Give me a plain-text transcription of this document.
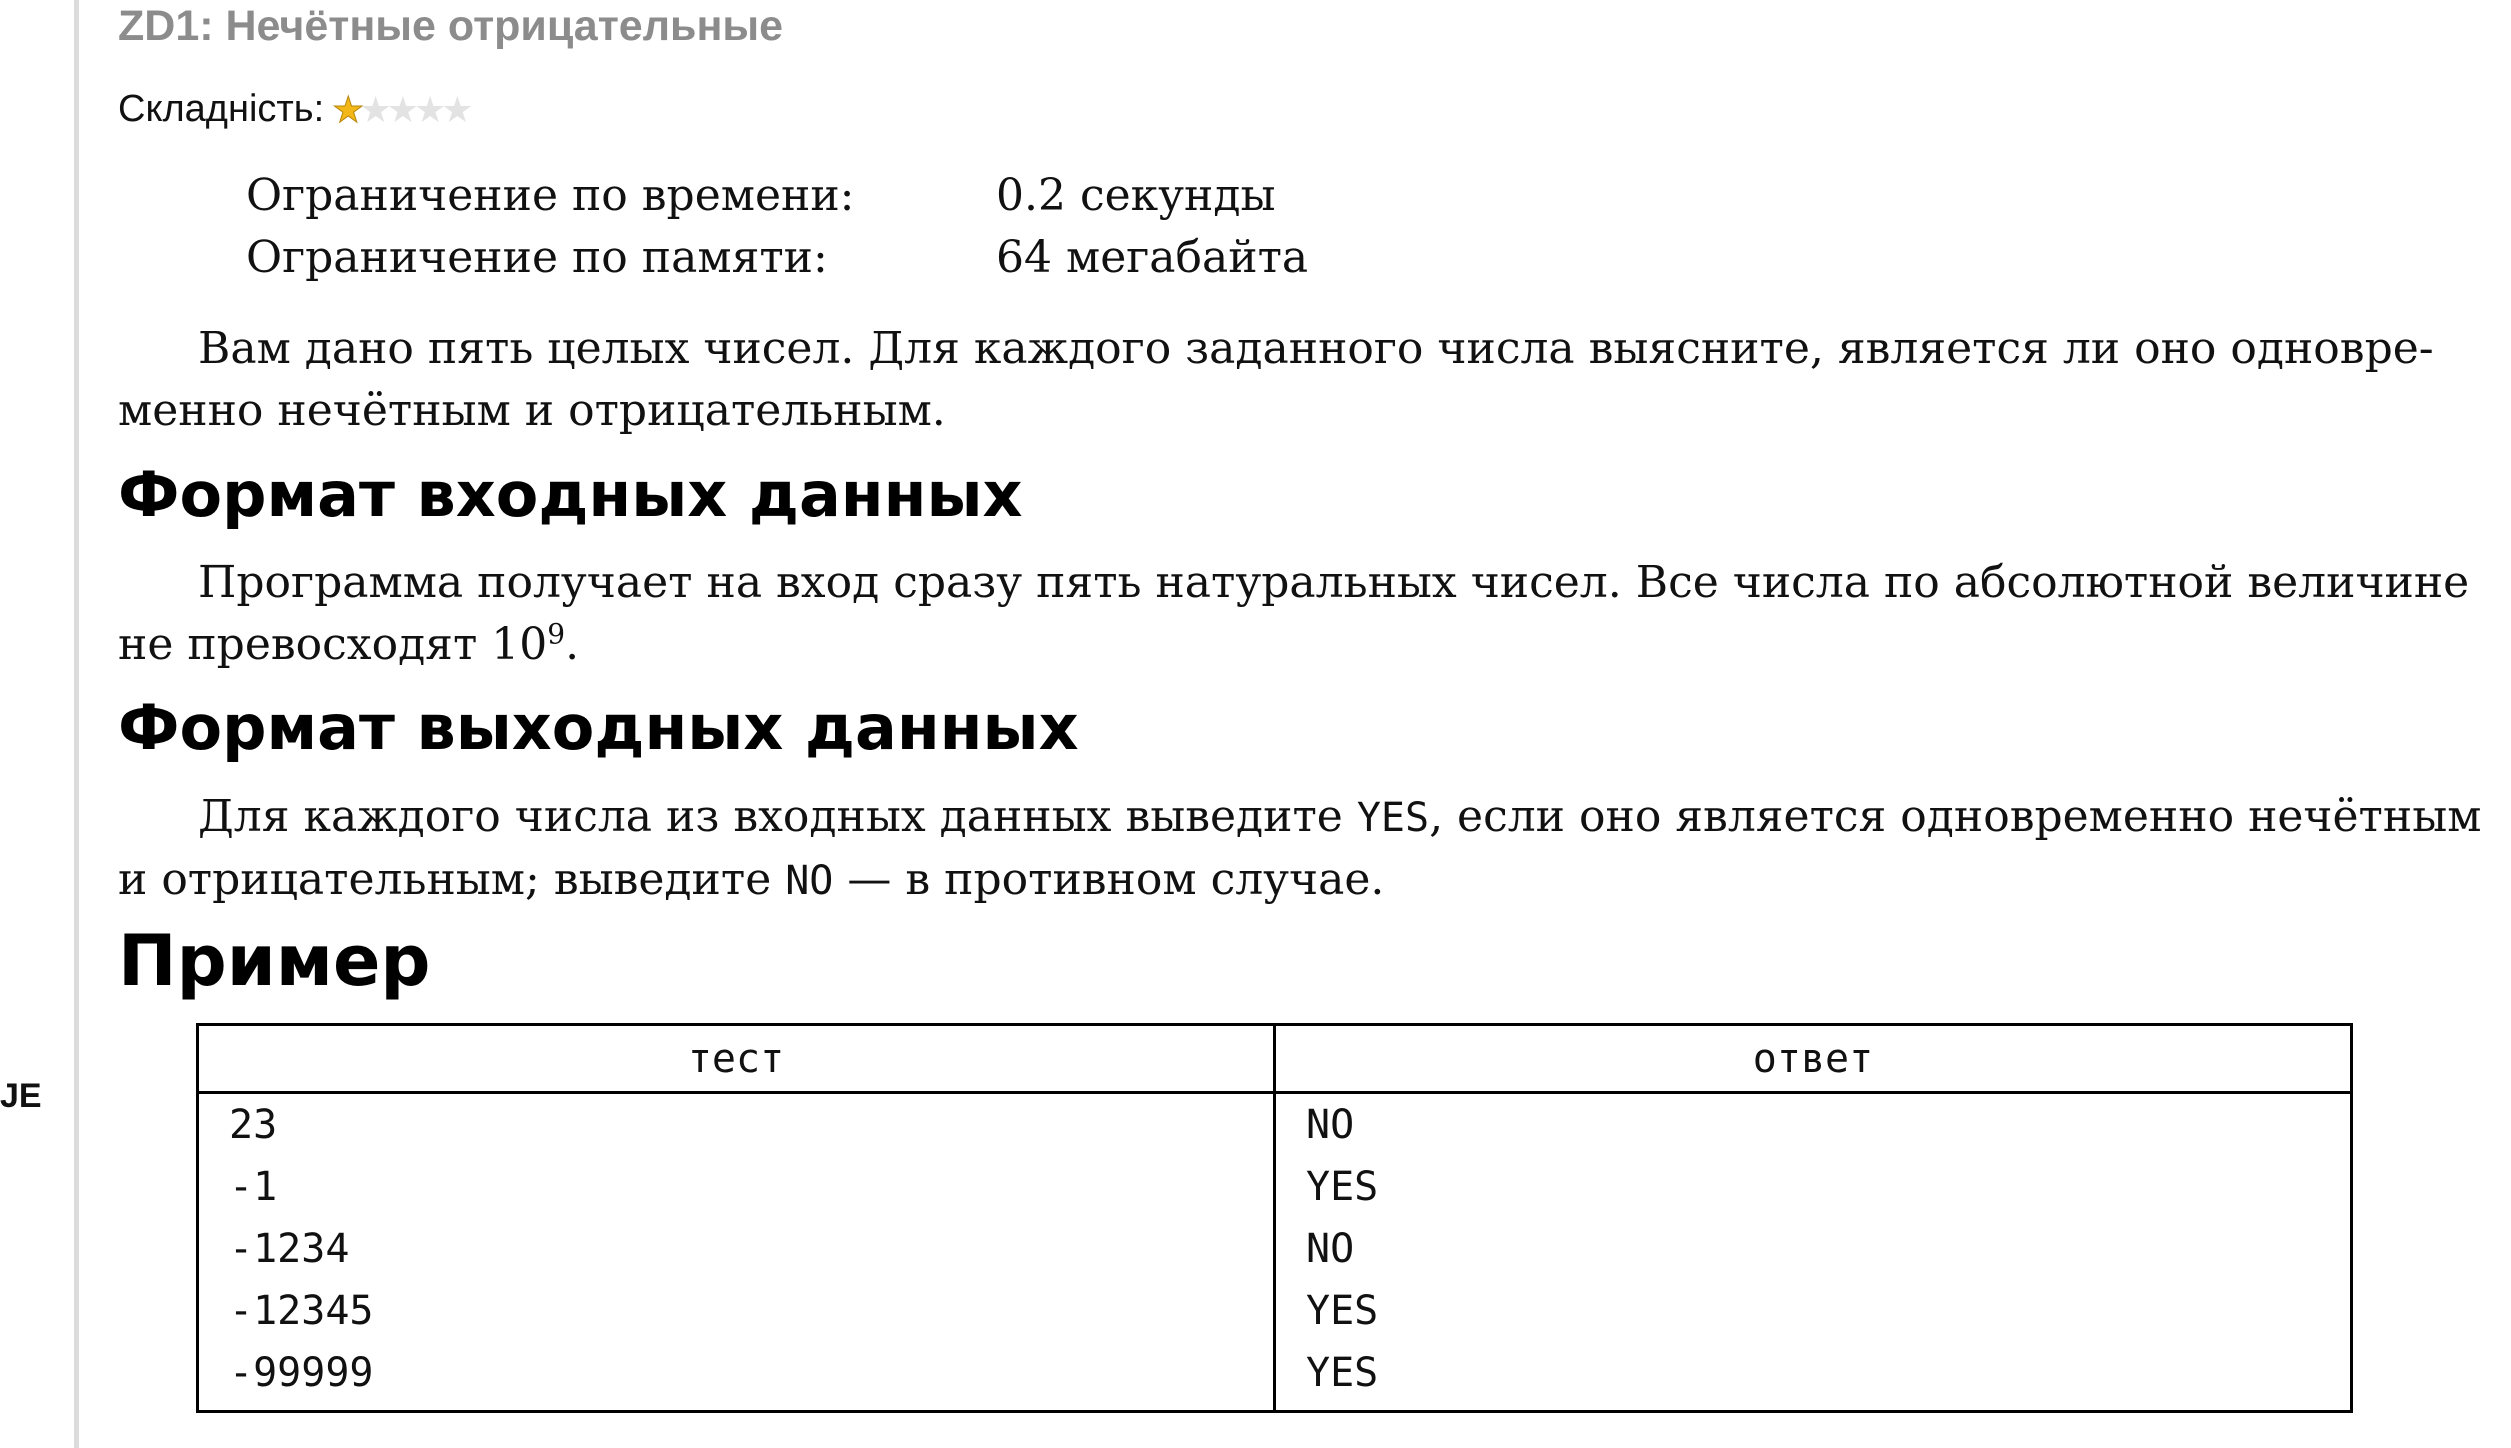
JE
ZD1: Нечётные отрицательные
Складність: ★
★
★
★
★
Ограничение по времени:	0.2 секунды
Ограничение по памяти:	64 мегабайта
Вам дано пять целых чисел. Для каждого заданного числа выясните, является ли оно одновре-
менно нечётным и отрицательным.
Формат входных данных
Программа получает на вход сразу пять натуральных чисел. Все числа по абсолютной величине
не превосходят $10^9$.
Формат выходных данных
Для каждого числа из входных данных выведите YES, если оно является одновременно нечётным
и отрицательным; выведите NO — в противном случае.
Пример
тест	ответ
23	NO
-1	YES
-1234	NO
-12345	YES
-99999	YES
